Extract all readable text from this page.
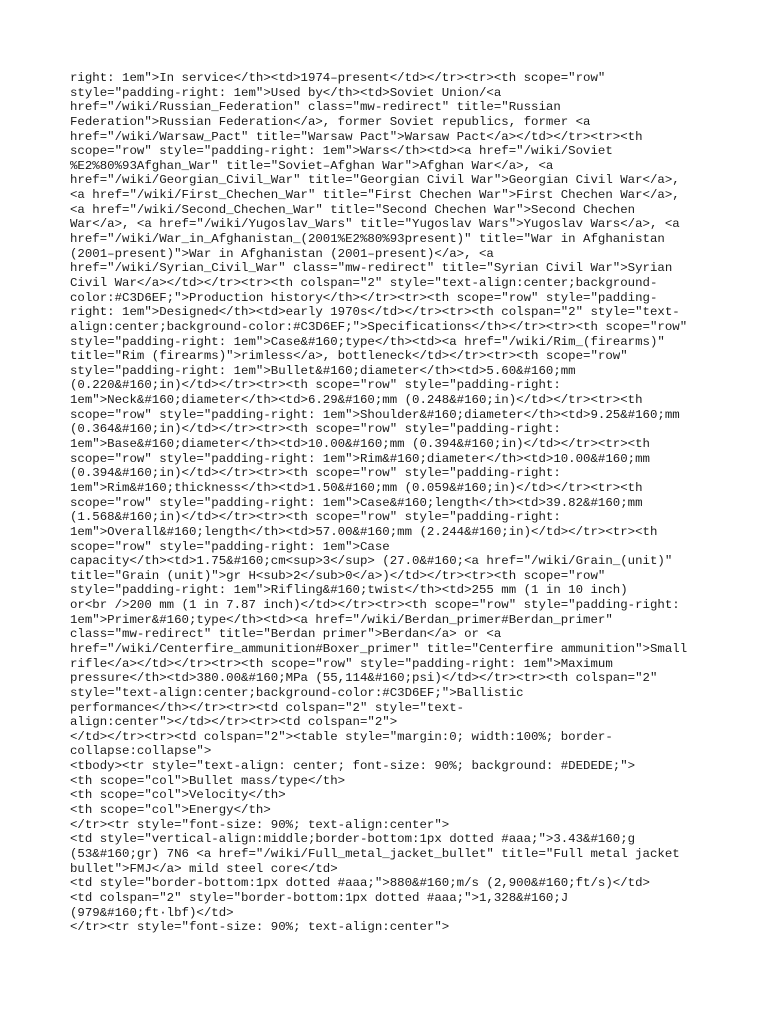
right: 1em">In service</th><td>1974–present</td></tr><tr><th scope="row"
style="padding-right: 1em">Used by</th><td>Soviet Union/<a
href="/wiki/Russian_Federation" class="mw-redirect" title="Russian
Federation">Russian Federation</a>, former Soviet republics, former <a
href="/wiki/Warsaw_Pact" title="Warsaw Pact">Warsaw Pact</a></td></tr><tr><th
scope="row" style="padding-right: 1em">Wars</th><td><a href="/wiki/Soviet
%E2%80%93Afghan_War" title="Soviet–Afghan War">Afghan War</a>, <a
href="/wiki/Georgian_Civil_War" title="Georgian Civil War">Georgian Civil War</a>,
<a href="/wiki/First_Chechen_War" title="First Chechen War">First Chechen War</a>,
<a href="/wiki/Second_Chechen_War" title="Second Chechen War">Second Chechen
War</a>, <a href="/wiki/Yugoslav_Wars" title="Yugoslav Wars">Yugoslav Wars</a>, <a
href="/wiki/War_in_Afghanistan_(2001%E2%80%93present)" title="War in Afghanistan
(2001–present)">War in Afghanistan (2001–present)</a>, <a
href="/wiki/Syrian_Civil_War" class="mw-redirect" title="Syrian Civil War">Syrian
Civil War</a></td></tr><tr><th colspan="2" style="text-align:center;background-
color:#C3D6EF;">Production history</th></tr><tr><th scope="row" style="padding-
right: 1em">Designed</th><td>early 1970s</td></tr><tr><th colspan="2" style="text-
align:center;background-color:#C3D6EF;">Specifications</th></tr><tr><th scope="row"
style="padding-right: 1em">Case&#160;type</th><td><a href="/wiki/Rim_(firearms)"
title="Rim (firearms)">rimless</a>, bottleneck</td></tr><tr><th scope="row"
style="padding-right: 1em">Bullet&#160;diameter</th><td>5.60&#160;mm
(0.220&#160;in)</td></tr><tr><th scope="row" style="padding-right:
1em">Neck&#160;diameter</th><td>6.29&#160;mm (0.248&#160;in)</td></tr><tr><th
scope="row" style="padding-right: 1em">Shoulder&#160;diameter</th><td>9.25&#160;mm
(0.364&#160;in)</td></tr><tr><th scope="row" style="padding-right:
1em">Base&#160;diameter</th><td>10.00&#160;mm (0.394&#160;in)</td></tr><tr><th
scope="row" style="padding-right: 1em">Rim&#160;diameter</th><td>10.00&#160;mm
(0.394&#160;in)</td></tr><tr><th scope="row" style="padding-right:
1em">Rim&#160;thickness</th><td>1.50&#160;mm (0.059&#160;in)</td></tr><tr><th
scope="row" style="padding-right: 1em">Case&#160;length</th><td>39.82&#160;mm
(1.568&#160;in)</td></tr><tr><th scope="row" style="padding-right:
1em">Overall&#160;length</th><td>57.00&#160;mm (2.244&#160;in)</td></tr><tr><th
scope="row" style="padding-right: 1em">Case
capacity</th><td>1.75&#160;cm<sup>3</sup> (27.0&#160;<a href="/wiki/Grain_(unit)"
title="Grain (unit)">gr H<sub>2</sub>0</a>)</td></tr><tr><th scope="row"
style="padding-right: 1em">Rifling&#160;twist</th><td>255 mm (1 in 10 inch)
or<br />200 mm (1 in 7.87 inch)</td></tr><tr><th scope="row" style="padding-right:
1em">Primer&#160;type</th><td><a href="/wiki/Berdan_primer#Berdan_primer"
class="mw-redirect" title="Berdan primer">Berdan</a> or <a
href="/wiki/Centerfire_ammunition#Boxer_primer" title="Centerfire ammunition">Small
rifle</a></td></tr><tr><th scope="row" style="padding-right: 1em">Maximum
pressure</th><td>380.00&#160;MPa (55,114&#160;psi)</td></tr><tr><th colspan="2"
style="text-align:center;background-color:#C3D6EF;">Ballistic
performance</th></tr><tr><td colspan="2" style="text-
align:center"></td></tr><tr><td colspan="2">
</td></tr><tr><td colspan="2"><table style="margin:0; width:100%; border-
collapse:collapse">
<tbody><tr style="text-align: center; font-size: 90%; background: #DEDEDE;">
<th scope="col">Bullet mass/type</th>
<th scope="col">Velocity</th>
<th scope="col">Energy</th>
</tr><tr style="font-size: 90%; text-align:center">
<td style="vertical-align:middle;border-bottom:1px dotted #aaa;">3.43&#160;g
(53&#160;gr) 7N6 <a href="/wiki/Full_metal_jacket_bullet" title="Full metal jacket
bullet">FMJ</a> mild steel core</td>
<td style="border-bottom:1px dotted #aaa;">880&#160;m/s (2,900&#160;ft/s)</td>
<td colspan="2" style="border-bottom:1px dotted #aaa;">1,328&#160;J
(979&#160;ft·lbf)</td>
</tr><tr style="font-size: 90%; text-align:center">
